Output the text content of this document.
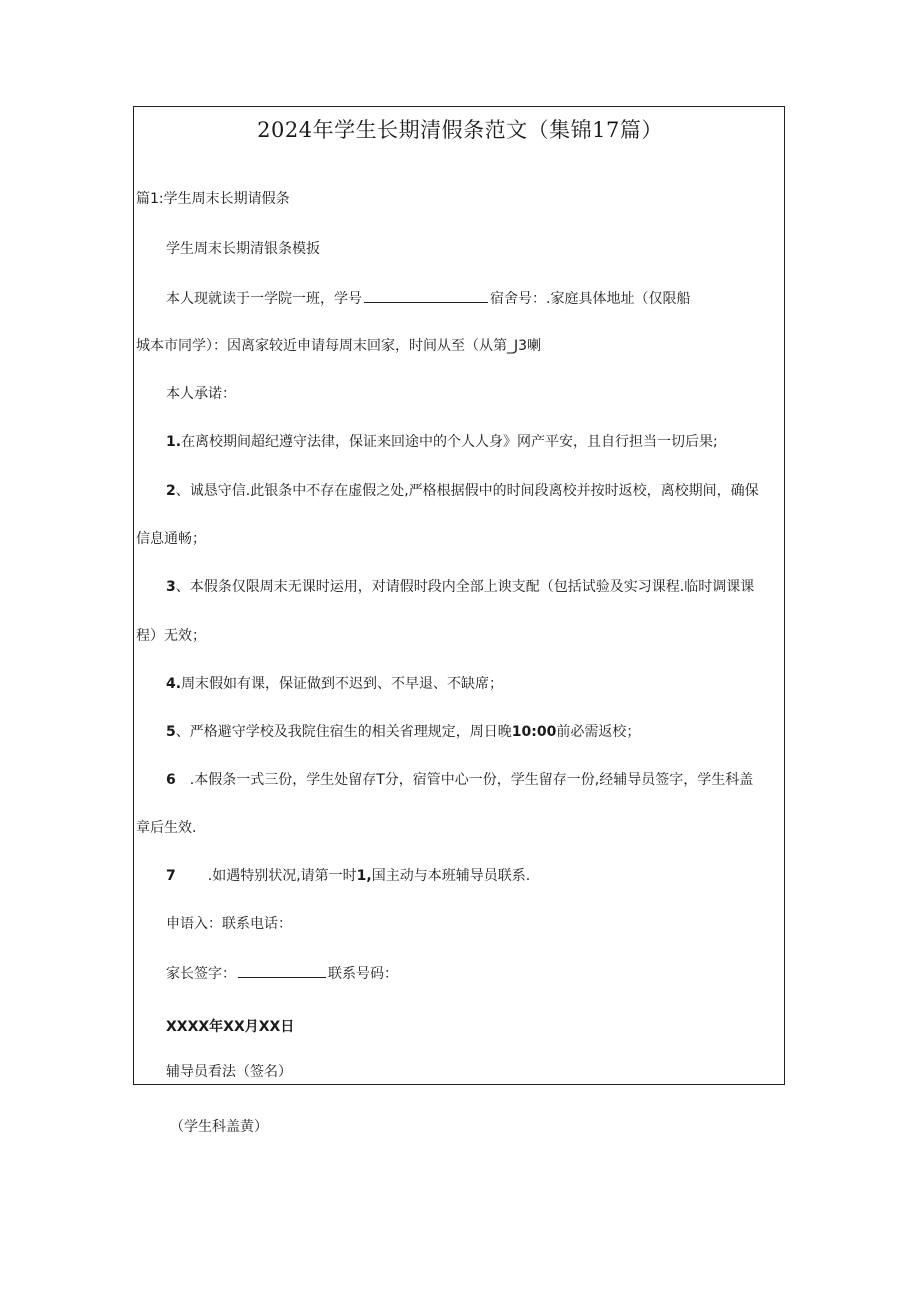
2024年学生长期清假条范文（集锦17篇）
篇1:学生周末长期请假条
学生周末长期清银条模扳
本人现就读于一学院一班，学号	宿舍号：.家庭具体地址（仅限船
城本市同学）：因离家较近申请每周末回家，时间从至（从第_J3喇
本人承诺：
1.在离校期间超纪遵守法律，保证来回途中的个人人身》网产平安，且自行担当一切后果;
2、诚恳守信.此银条中不存在虚假之处,严格根据假中的时间段离校并按时返校，离校期间，确保
信息通畅；
3、本假条仅限周末无课时运用，对请假时段内全部上谀支配（包括试验及实习课程.临时调课课
程）无效；
4.周末假如有课，保证做到不迟到、不早退、不缺席；
5、严格避守学校及我院住宿生的相关省理规定，周日晚10:00前必需返校；
6 .本假条一式三份，学生处留存T分，宿管中心一份，学生留存一份,经辅导员签字，学生科盖
章后生效.
7 .如遇特别状况,请第一时1,国主动与本班辅导员联系.
申语入：联系电话：
家长签字：	联系号码：
XXXX年XX月XX日
辅导员看法（签名）
（学生科盖黄）
